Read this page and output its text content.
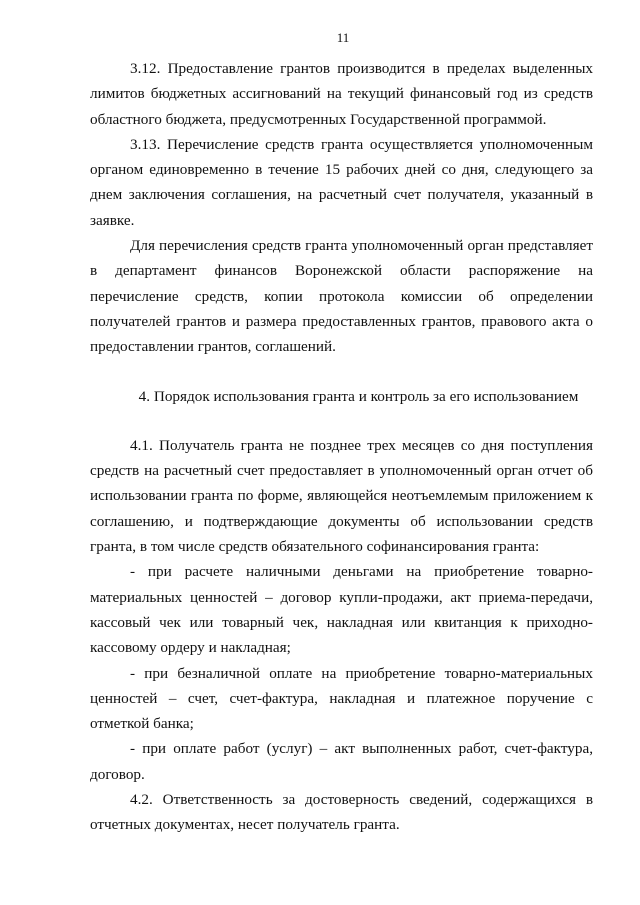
11

3.12. Предоставление грантов производится в пределах выделенных лимитов бюджетных ассигнований на текущий финансовый год из средств областного бюджета, предусмотренных Государственной программой.

3.13. Перечисление средств гранта осуществляется уполномоченным органом единовременно в течение 15 рабочих дней со дня, следующего за днем заключения соглашения, на расчетный счет получателя, указанный в заявке.

Для перечисления средств гранта уполномоченный орган представляет в департамент финансов Воронежской области распоряжение на перечисление средств, копии протокола комиссии об определении получателей грантов и размера предоставленных грантов, правового акта о предоставлении грантов, соглашений.

4. Порядок использования гранта и контроль за его использованием

4.1. Получатель гранта не позднее трех месяцев со дня поступления средств на расчетный счет предоставляет в уполномоченный орган отчет об использовании гранта по форме, являющейся неотъемлемым приложением к соглашению, и подтверждающие документы об использовании средств гранта, в том числе средств обязательного софинансирования гранта:

- при расчете наличными деньгами на приобретение товарно-материальных ценностей – договор купли-продажи, акт приема-передачи, кассовый чек или товарный чек, накладная или квитанция к приходно-кассовому ордеру и накладная;

- при безналичной оплате на приобретение товарно-материальных ценностей – счет, счет-фактура, накладная и платежное поручение с отметкой банка;

- при оплате работ (услуг) – акт выполненных работ, счет-фактура, договор.

4.2. Ответственность за достоверность сведений, содержащихся в отчетных документах, несет получатель гранта.
